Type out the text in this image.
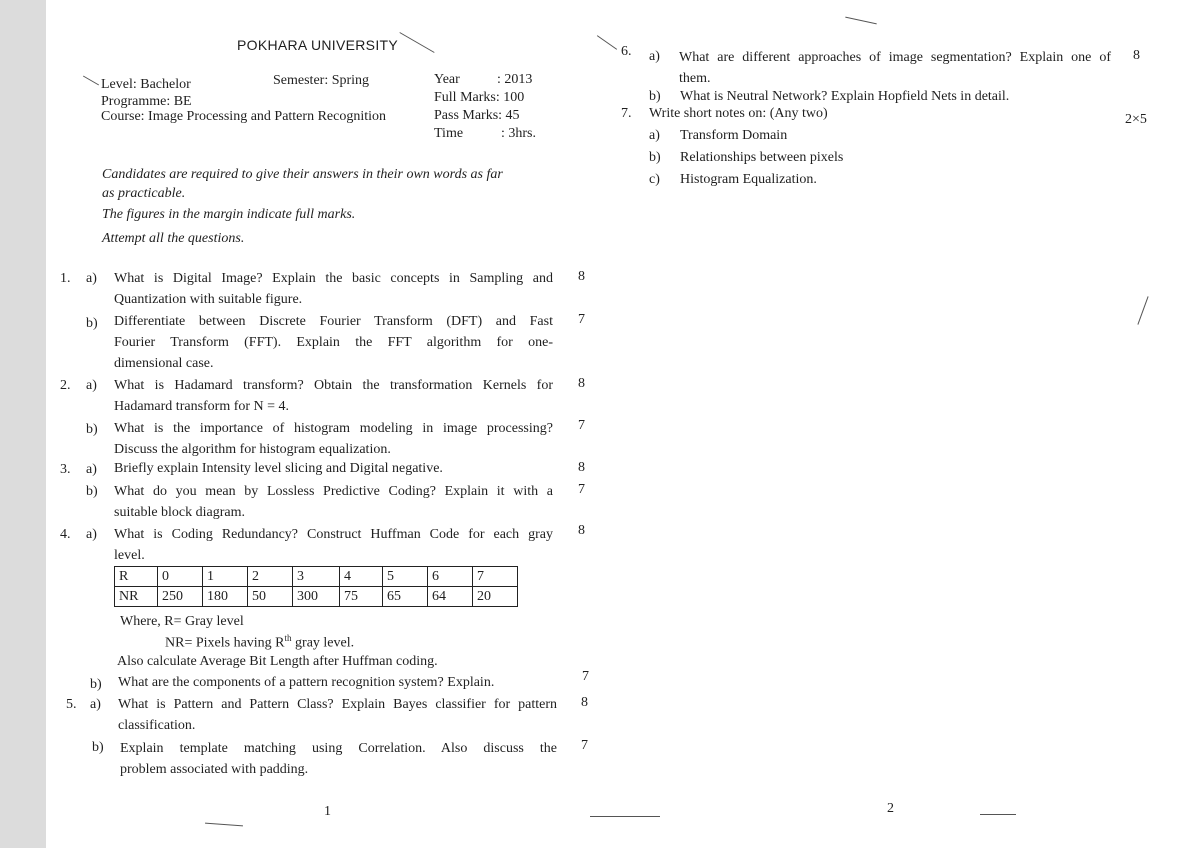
POKHARA UNIVERSITY
Level: Bachelor	Semester: Spring	Year	: 2013
Programme: BE	Full Marks: 100
Course: Image Processing and Pattern Recognition	Pass Marks: 45
Time	: 3hrs.
Candidates are required to give their answers in their own words as far
as practicable.
The figures in the margin indicate full marks.
Attempt all the questions.
1. a) What is Digital Image? Explain the basic concepts in Sampling and
Quantization with suitable figure.
8
b) Differentiate between Discrete Fourier Transform (DFT) and Fast
Fourier Transform (FFT). Explain the FFT algorithm for one-
dimensional case.
7
2. a) What is Hadamard transform? Obtain the transformation Kernels for
Hadamard transform for N = 4.
8
b) What is the importance of histogram modeling in image processing?
Discuss the algorithm for histogram equalization.
7
3. a) Briefly explain Intensity level slicing and Digital negative.	8
b) What do you mean by Lossless Predictive Coding? Explain it with a
suitable block diagram.
7
4. a) What is Coding Redundancy? Construct Huffman Code for each gray
level.
8
R	0	1	2	3	4	5	6	7
NR	250	180	50	300	75	65	64	20
Where, R= Gray level
NR= Pixels having $R^{th}$ gray level.
Also calculate Average Bit Length after Huffman coding.
b) What are the components of a pattern recognition system? Explain.	7
5. a) What is Pattern and Pattern Class? Explain Bayes classifier for pattern
classification.
8
b) Explain template matching using Correlation. Also discuss the
problem associated with padding.
7
1
6. a) What are different approaches of image segmentation? Explain one of
them.
8
b) What is Neutral Network? Explain Hopfield Nets in detail.
7. Write short notes on: (Any two)	2×5
a) Transform Domain
b) Relationships between pixels
c) Histogram Equalization.
2
